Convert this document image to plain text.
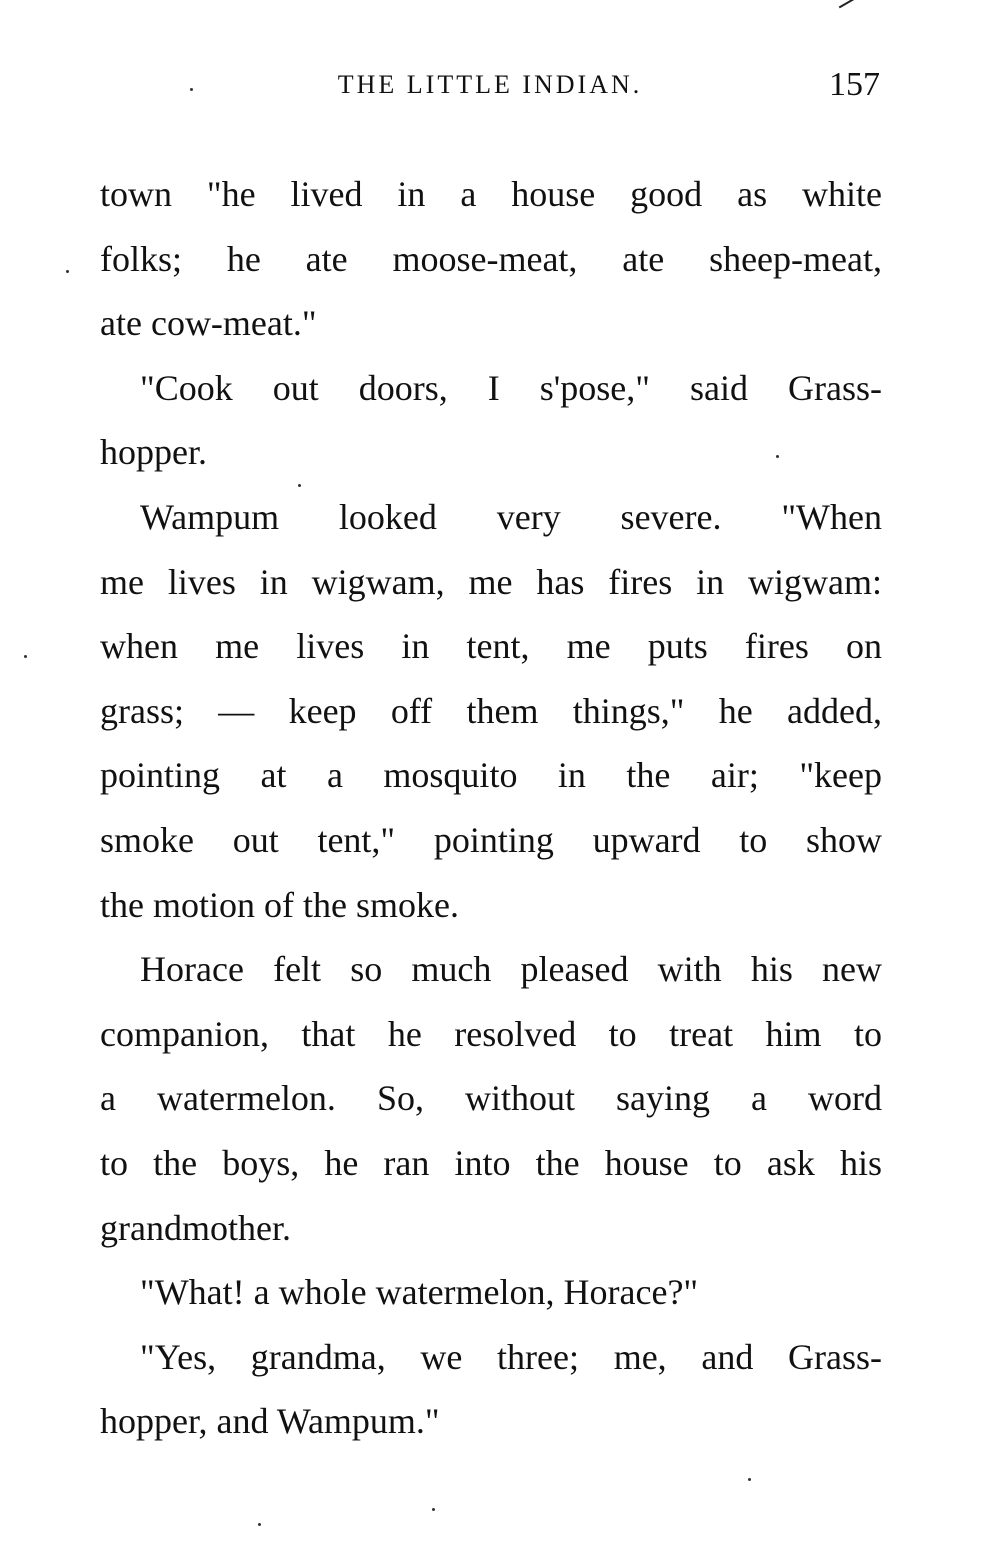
THE LITTLE INDIAN.	157
town "he lived in a house good as white
folks; he ate moose-meat, ate sheep-meat,
ate cow-meat."
"Cook out doors, I s'pose," said Grass-
hopper.
Wampum looked very severe. "When
me lives in wigwam, me has fires in wigwam:
when me lives in tent, me puts fires on
grass; — keep off them things," he added,
pointing at a mosquito in the air; "keep
smoke out tent," pointing upward to show
the motion of the smoke.
Horace felt so much pleased with his new
companion, that he resolved to treat him to
a watermelon. So, without saying a word
to the boys, he ran into the house to ask his
grandmother.
"What! a whole watermelon, Horace?"
"Yes, grandma, we three; me, and Grass-
hopper, and Wampum."
